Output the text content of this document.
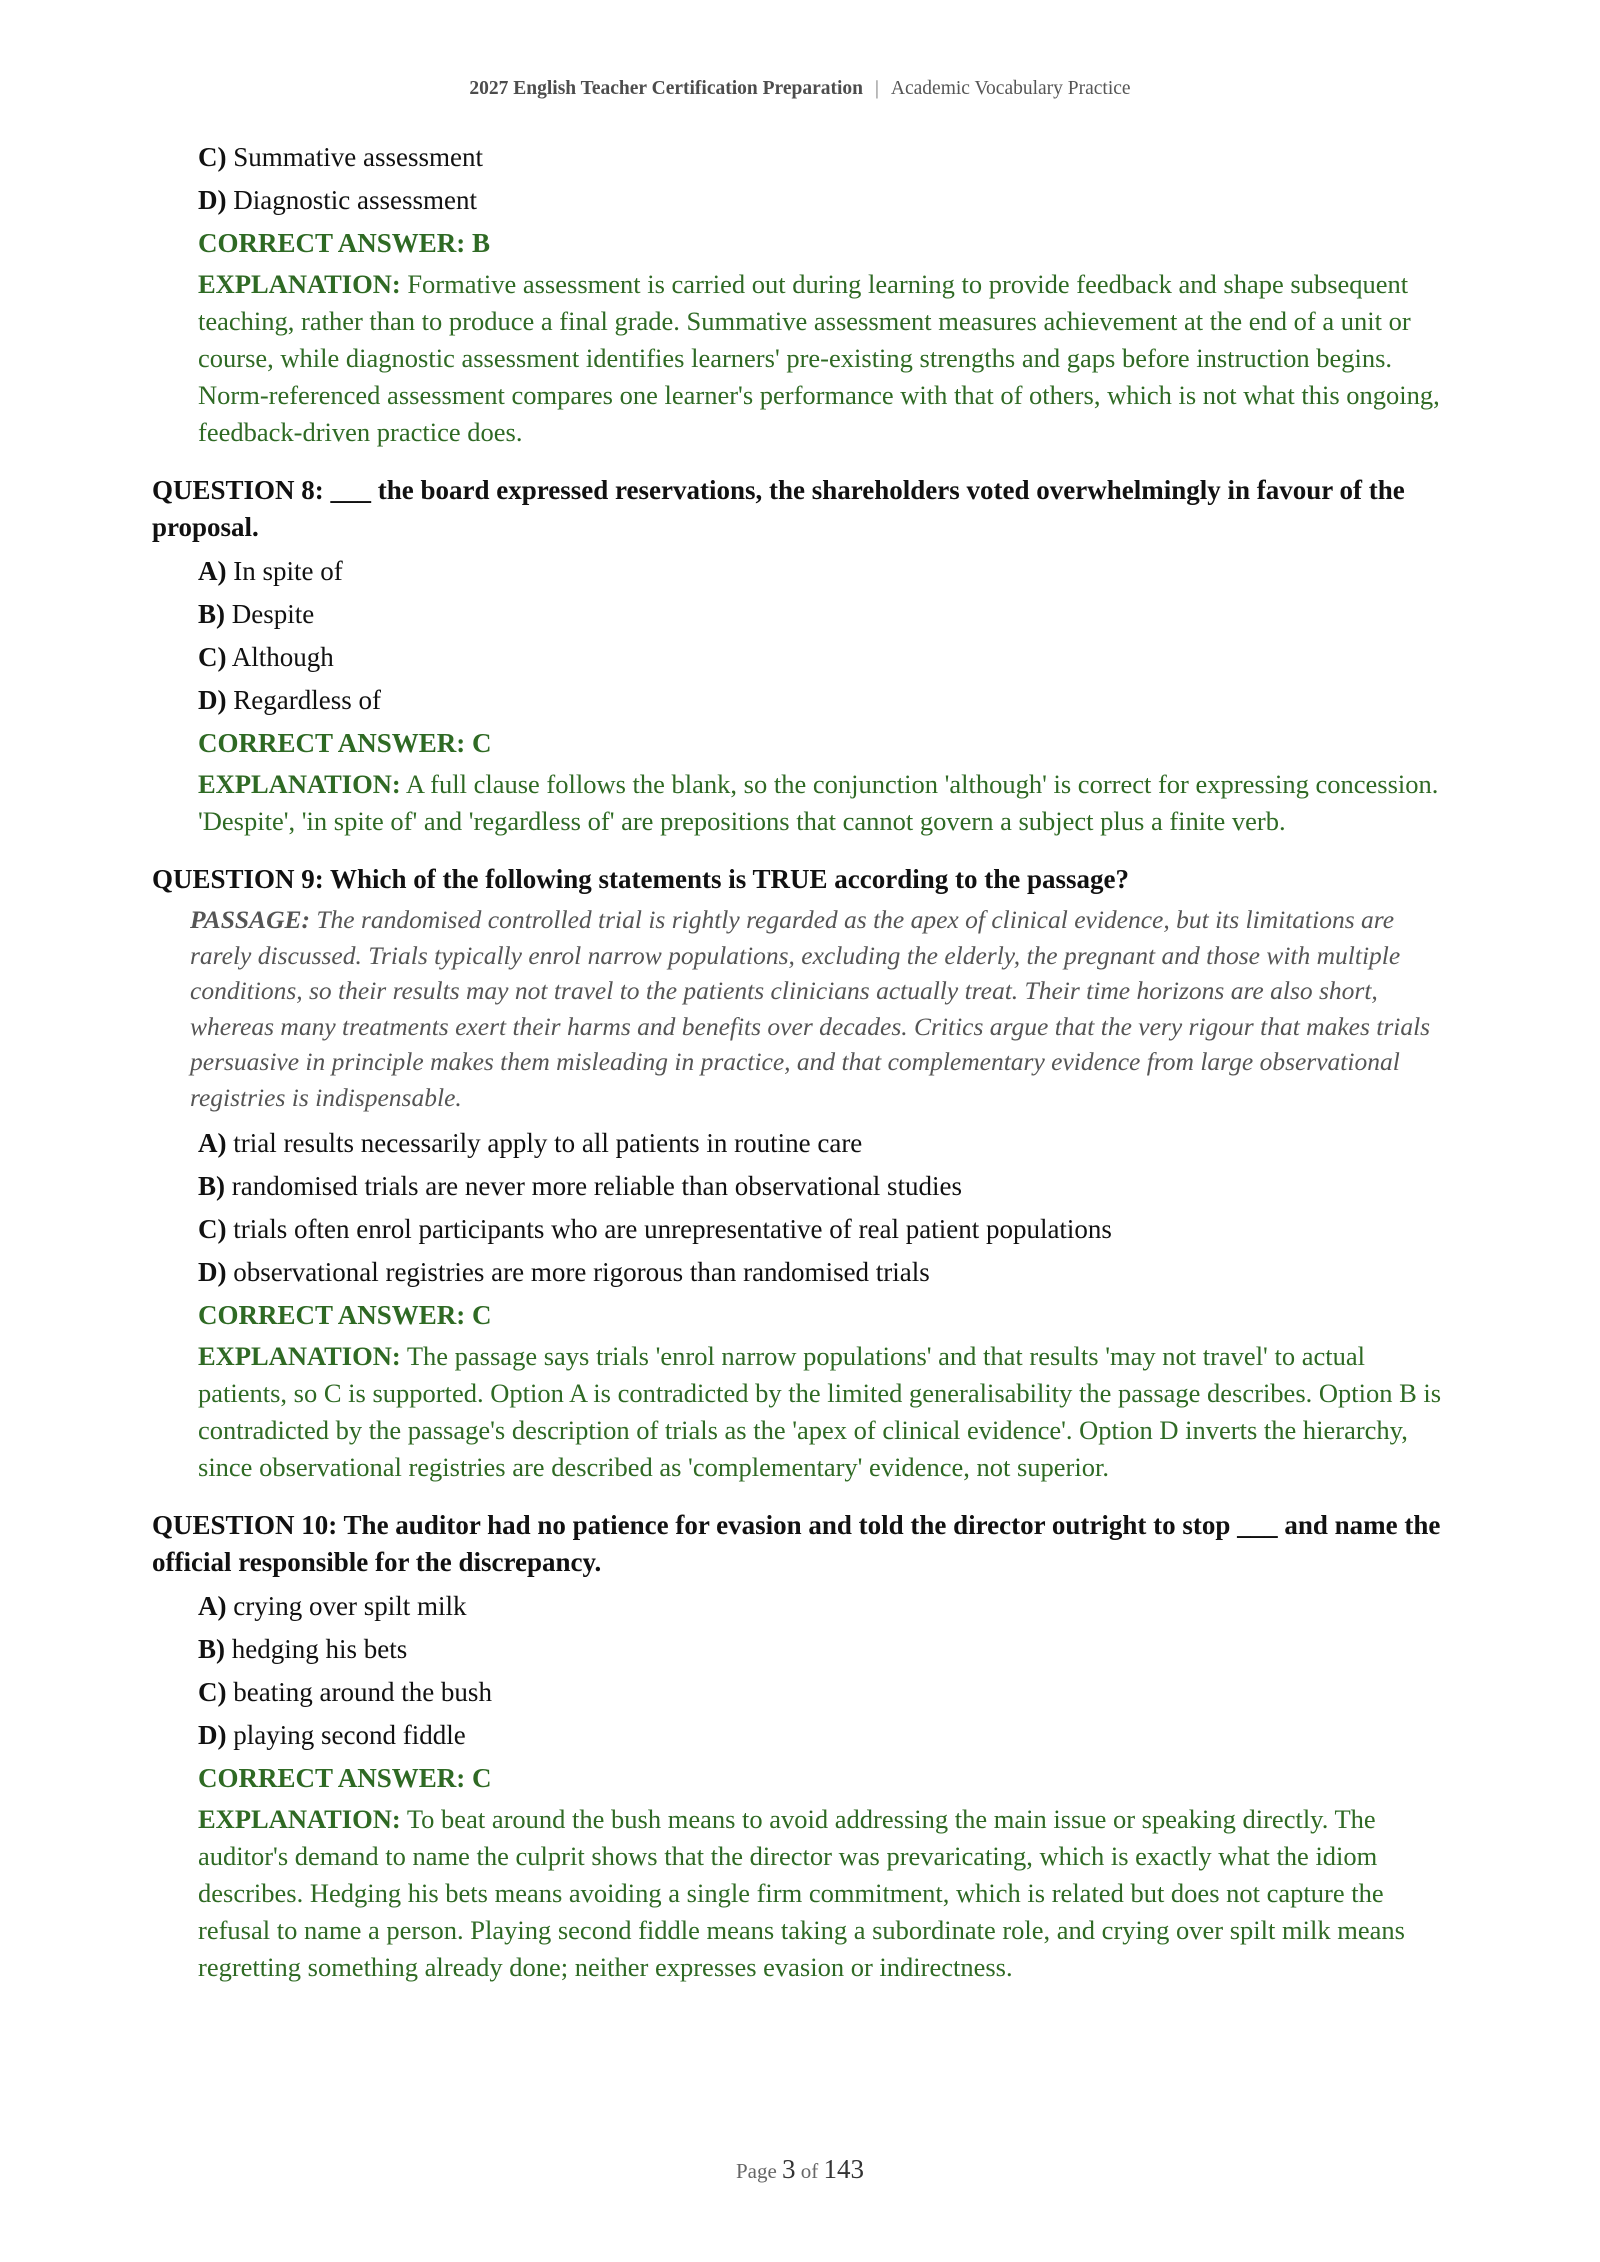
2027 English Teacher Certification Preparation | Academic Vocabulary Practice
C) Summative assessment
D) Diagnostic assessment
CORRECT ANSWER: B
EXPLANATION: Formative assessment is carried out during learning to provide feedback and shape subsequent teaching, rather than to produce a final grade. Summative assessment measures achievement at the end of a unit or course, while diagnostic assessment identifies learners' pre-existing strengths and gaps before instruction begins. Norm-referenced assessment compares one learner's performance with that of others, which is not what this ongoing, feedback-driven practice does.
QUESTION 8: ___ the board expressed reservations, the shareholders voted overwhelmingly in favour of the proposal.
A) In spite of
B) Despite
C) Although
D) Regardless of
CORRECT ANSWER: C
EXPLANATION: A full clause follows the blank, so the conjunction 'although' is correct for expressing concession. 'Despite', 'in spite of' and 'regardless of' are prepositions that cannot govern a subject plus a finite verb.
QUESTION 9: Which of the following statements is TRUE according to the passage?
PASSAGE: The randomised controlled trial is rightly regarded as the apex of clinical evidence, but its limitations are rarely discussed. Trials typically enrol narrow populations, excluding the elderly, the pregnant and those with multiple conditions, so their results may not travel to the patients clinicians actually treat. Their time horizons are also short, whereas many treatments exert their harms and benefits over decades. Critics argue that the very rigour that makes trials persuasive in principle makes them misleading in practice, and that complementary evidence from large observational registries is indispensable.
A) trial results necessarily apply to all patients in routine care
B) randomised trials are never more reliable than observational studies
C) trials often enrol participants who are unrepresentative of real patient populations
D) observational registries are more rigorous than randomised trials
CORRECT ANSWER: C
EXPLANATION: The passage says trials 'enrol narrow populations' and that results 'may not travel' to actual patients, so C is supported. Option A is contradicted by the limited generalisability the passage describes. Option B is contradicted by the passage's description of trials as the 'apex of clinical evidence'. Option D inverts the hierarchy, since observational registries are described as 'complementary' evidence, not superior.
QUESTION 10: The auditor had no patience for evasion and told the director outright to stop ___ and name the official responsible for the discrepancy.
A) crying over spilt milk
B) hedging his bets
C) beating around the bush
D) playing second fiddle
CORRECT ANSWER: C
EXPLANATION: To beat around the bush means to avoid addressing the main issue or speaking directly. The auditor's demand to name the culprit shows that the director was prevaricating, which is exactly what the idiom describes. Hedging his bets means avoiding a single firm commitment, which is related but does not capture the refusal to name a person. Playing second fiddle means taking a subordinate role, and crying over spilt milk means regretting something already done; neither expresses evasion or indirectness.
Page 3 of 143
